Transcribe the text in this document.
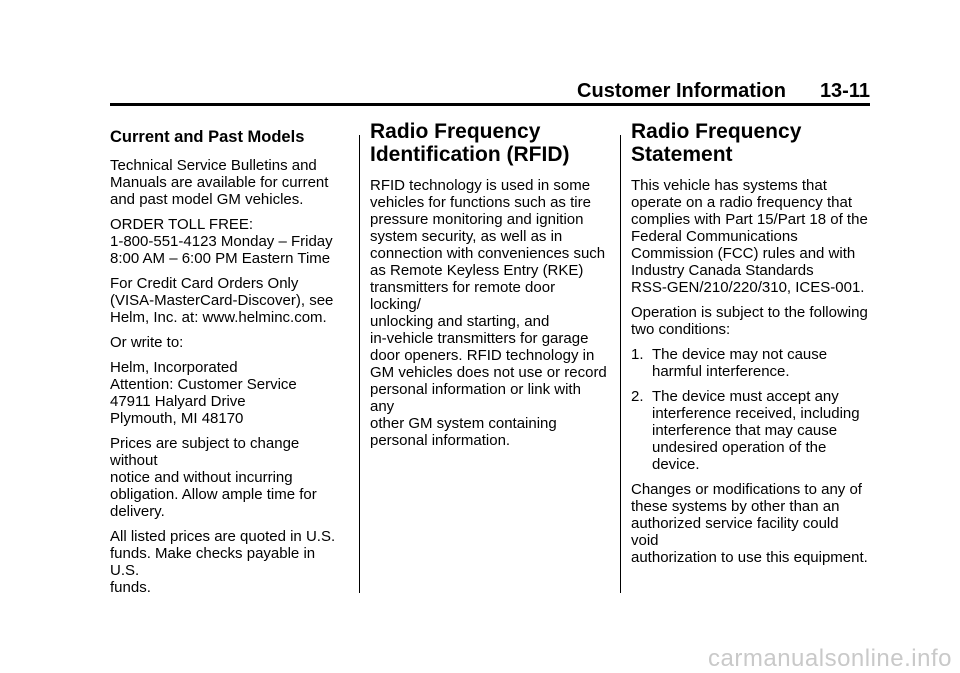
Customer Information 13-11
Current and Past Models

Technical Service Bulletins and
Manuals are available for current
and past model GM vehicles.

ORDER TOLL FREE:
1-800-551-4123 Monday – Friday
8:00 AM – 6:00 PM Eastern Time

For Credit Card Orders Only
(VISA-MasterCard-Discover), see
Helm, Inc. at: www.helminc.com.

Or write to:

Helm, Incorporated
Attention: Customer Service
47911 Halyard Drive
Plymouth, MI 48170

Prices are subject to change without
notice and without incurring
obligation. Allow ample time for
delivery.

All listed prices are quoted in U.S.
funds. Make checks payable in U.S.
funds.

Radio Frequency
Identification (RFID)

RFID technology is used in some
vehicles for functions such as tire
pressure monitoring and ignition
system security, as well as in
connection with conveniences such
as Remote Keyless Entry (RKE)
transmitters for remote door locking/
unlocking and starting, and
in-vehicle transmitters for garage
door openers. RFID technology in
GM vehicles does not use or record
personal information or link with any
other GM system containing
personal information.

Radio Frequency
Statement

This vehicle has systems that
operate on a radio frequency that
complies with Part 15/Part 18 of the
Federal Communications
Commission (FCC) rules and with
Industry Canada Standards
RSS-GEN/210/220/310, ICES-001.

Operation is subject to the following
two conditions:

1. The device may not cause
harmful interference.
2. The device must accept any
interference received, including
interference that may cause
undesired operation of the
device.

Changes or modifications to any of
these systems by other than an
authorized service facility could void
authorization to use this equipment.

carmanualsonline.info
